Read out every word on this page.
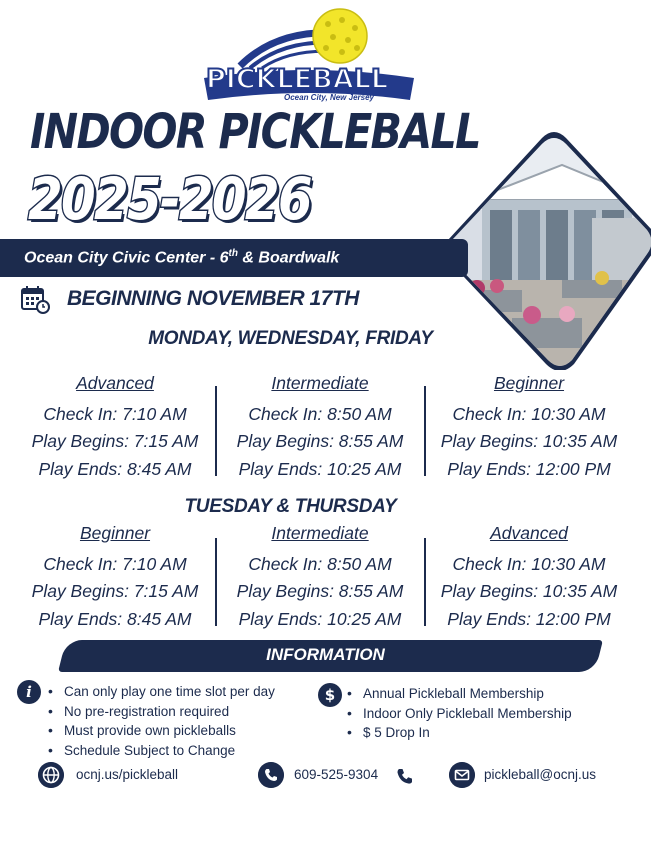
PICKLEBALL
Ocean City, New Jersey
INDOOR PICKLEBALL
2025-2026
Ocean City Civic Center - 6th & Boardwalk
BEGINNING NOVEMBER 17TH
MONDAY, WEDNESDAY, FRIDAY
Advanced
Check In: 7:10 AM
Play Begins: 7:15 AM
Play Ends: 8:45 AM
Intermediate
Check In: 8:50 AM
Play Begins: 8:55 AM
Play Ends: 10:25 AM
Beginner
Check In: 10:30 AM
Play Begins: 10:35 AM
Play Ends: 12:00 PM
TUESDAY & THURSDAY
Beginner
Check In: 7:10 AM
Play Begins: 7:15 AM
Play Ends: 8:45 AM
Intermediate
Check In: 8:50 AM
Play Begins: 8:55 AM
Play Ends: 10:25 AM
Advanced
Check In: 10:30 AM
Play Begins: 10:35 AM
Play Ends: 12:00 PM
INFORMATION
i	• Can only play one time slot per day
• No pre-registration required
• Must provide own pickleballs
• Schedule Subject to Change
$	• Annual Pickleball Membership
• Indoor Only Pickleball Membership
• $ 5 Drop In
ocnj.us/pickleball	609-525-9304	pickleball@ocnj.us
